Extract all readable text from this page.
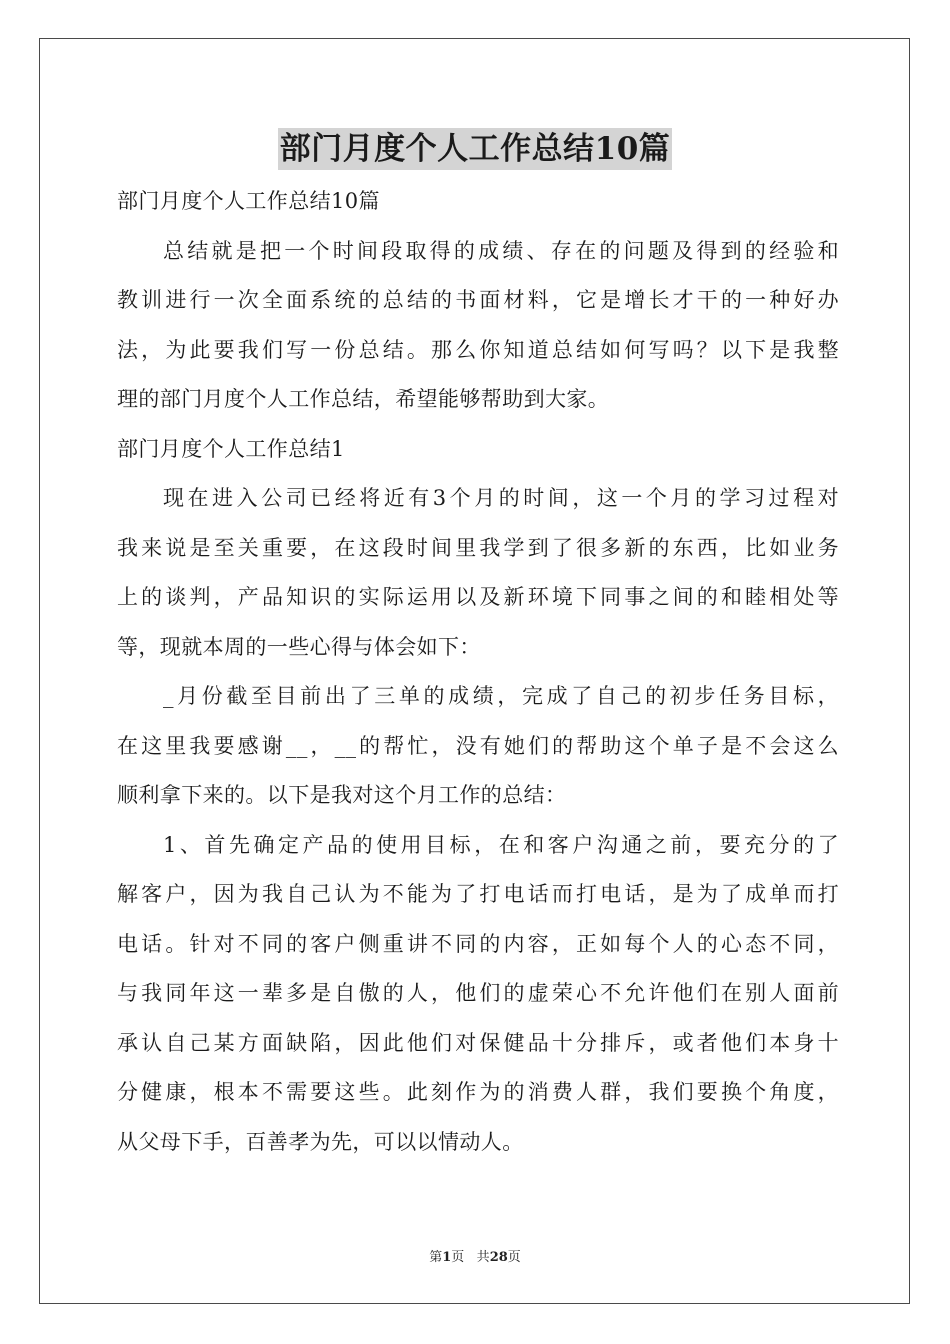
部门月度个人工作总结10篇
部门月度个人工作总结10篇
总结就是把一个时间段取得的成绩、存在的问题及得到的经验和
教训进行一次全面系统的总结的书面材料，它是增长才干的一种好办
法，为此要我们写一份总结。那么你知道总结如何写吗？以下是我整
理的部门月度个人工作总结，希望能够帮助到大家。
部门月度个人工作总结1
现在进入公司已经将近有3个月的时间，这一个月的学习过程对
我来说是至关重要，在这段时间里我学到了很多新的东西，比如业务
上的谈判，产品知识的实际运用以及新环境下同事之间的和睦相处等
等，现就本周的一些心得与体会如下：
_月份截至目前出了三单的成绩，完成了自己的初步任务目标，
在这里我要感谢__，__的帮忙，没有她们的帮助这个单子是不会这么
顺利拿下来的。以下是我对这个月工作的总结：
1、首先确定产品的使用目标，在和客户沟通之前，要充分的了
解客户，因为我自己认为不能为了打电话而打电话，是为了成单而打
电话。针对不同的客户侧重讲不同的内容，正如每个人的心态不同，
与我同年这一辈多是自傲的人，他们的虚荣心不允许他们在别人面前
承认自己某方面缺陷，因此他们对保健品十分排斥，或者他们本身十
分健康，根本不需要这些。此刻作为的消费人群，我们要换个角度，
从父母下手，百善孝为先，可以以情动人。
第1页 共28页
